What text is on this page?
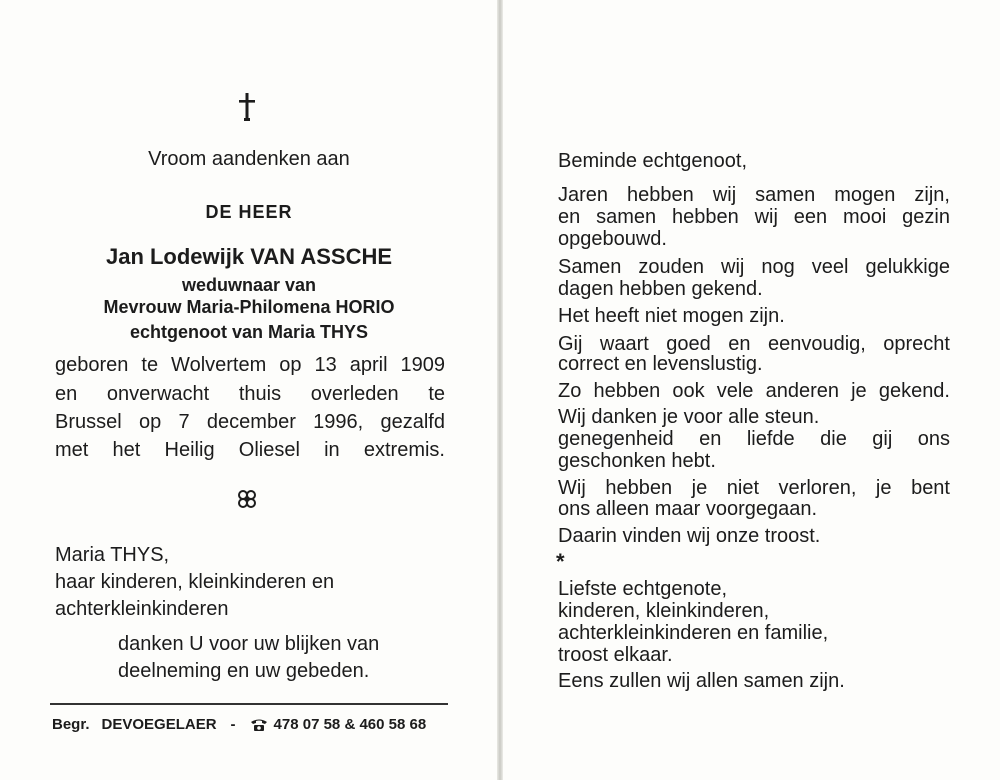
Vroom aandenken aan
DE HEER
Jan Lodewijk VAN ASSCHE
weduwnaar van
Mevrouw Maria-Philomena HORIO
echtgenoot van Maria THYS
geboren te Wolvertem op 13 april 1909
en onverwacht thuis overleden te
Brussel op 7 december 1996, gezalfd
met het Heilig Oliesel in extremis.
Maria THYS,
haar kinderen, kleinkinderen en
achterkleinkinderen
danken U voor uw blijken van
deelneming en uw gebeden.
Begr. DEVOEGELAER -	478 07 58 & 460 58 68
Beminde echtgenoot,
Jaren hebben wij samen mogen zijn,
en samen hebben wij een mooi gezin
opgebouwd.
Samen zouden wij nog veel gelukkige
dagen hebben gekend.
Het heeft niet mogen zijn.
Gij waart goed en eenvoudig, oprecht
correct en levenslustig.
Zo hebben ook vele anderen je gekend.
Wij danken je voor alle steun.
genegenheid en liefde die gij ons
geschonken hebt.
Wij hebben je niet verloren, je bent
ons alleen maar voorgegaan.
Daarin vinden wij onze troost.
*
Liefste echtgenote,
kinderen, kleinkinderen,
achterkleinkinderen en familie,
troost elkaar.
Eens zullen wij allen samen zijn.
